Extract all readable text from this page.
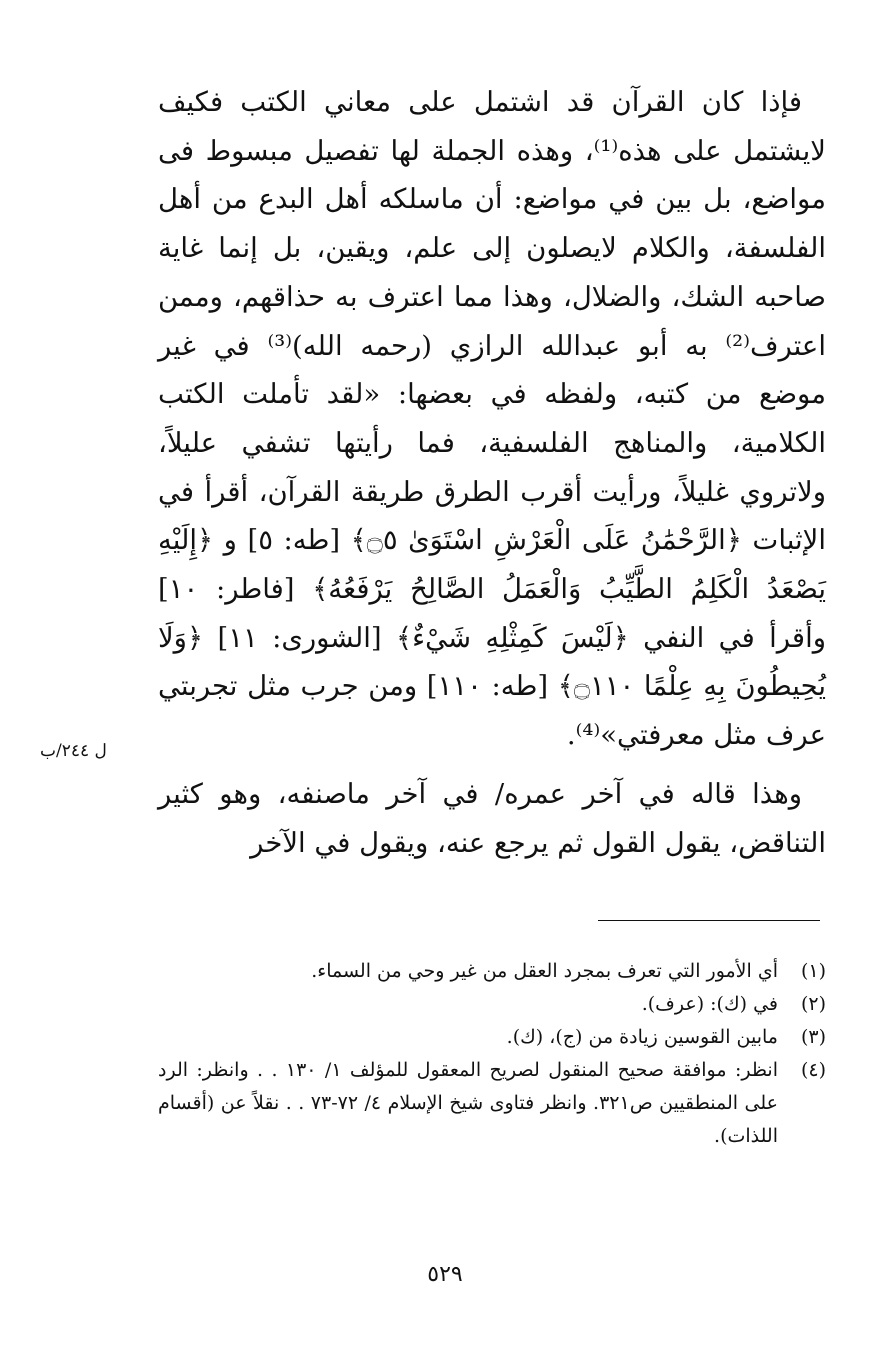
فإذا كان القرآن قد اشتمل على معاني الكتب فكيف لايشتمل على هذه⁽¹⁾، وهذه الجملة لها تفصيل مبسوط فى مواضع، بل بين في مواضع: أن ماسلكه أهل البدع من أهل الفلسفة، والكلام لايصلون إلى علم، ويقين، بل إنما غاية صاحبه الشك، والضلال، وهذا مما اعترف به حذاقهم، وممن اعترف⁽²⁾ به أبو عبدالله الرازي (رحمه الله)⁽³⁾ في غير موضع من كتبه، ولفظه في بعضها: «لقد تأملت الكتب الكلامية، والمناهج الفلسفية، فما رأيتها تشفي عليلاً، ولاتروي غليلاً، ورأيت أقرب الطرق طريقة القرآن، أقرأ في الإثبات ﴿الرَّحْمَٰنُ عَلَى الْعَرْشِ اسْتَوَىٰ ۝٥﴾ [طه: ٥] و ﴿إِلَيْهِ يَصْعَدُ الْكَلِمُ الطَّيِّبُ وَالْعَمَلُ الصَّالِحُ يَرْفَعُهُ﴾ [فاطر: ١٠] وأقرأ في النفي ﴿لَيْسَ كَمِثْلِهِ شَيْءٌ﴾ [الشورى: ١١] ﴿وَلَا يُحِيطُونَ بِهِ عِلْمًا ۝١١٠﴾ [طه: ١١٠] ومن جرب مثل تجربتي عرف مثل معرفتي»⁽⁴⁾.

وهذا قاله في آخر عمره/ في آخر ماصنفه، وهو كثير التناقض، يقول القول ثم يرجع عنه، ويقول في الآخر

ل ٢٤٤/ب
(١)
أي الأمور التي تعرف بمجرد العقل من غير وحي من السماء.
(٢)
في (ك): (عرف).
(٣)
مابين القوسين زيادة من (ج)، (ك).
(٤)
انظر: موافقة صحيح المنقول لصريح المعقول للمؤلف ١/ ١٣٠ . . وانظر: الرد على المنطقيين ص٣٢١. وانظر فتاوى شيخ الإسلام ٤/ ٧٢-٧٣ . . نقلاً عن (أقسام اللذات).
٥٢٩
